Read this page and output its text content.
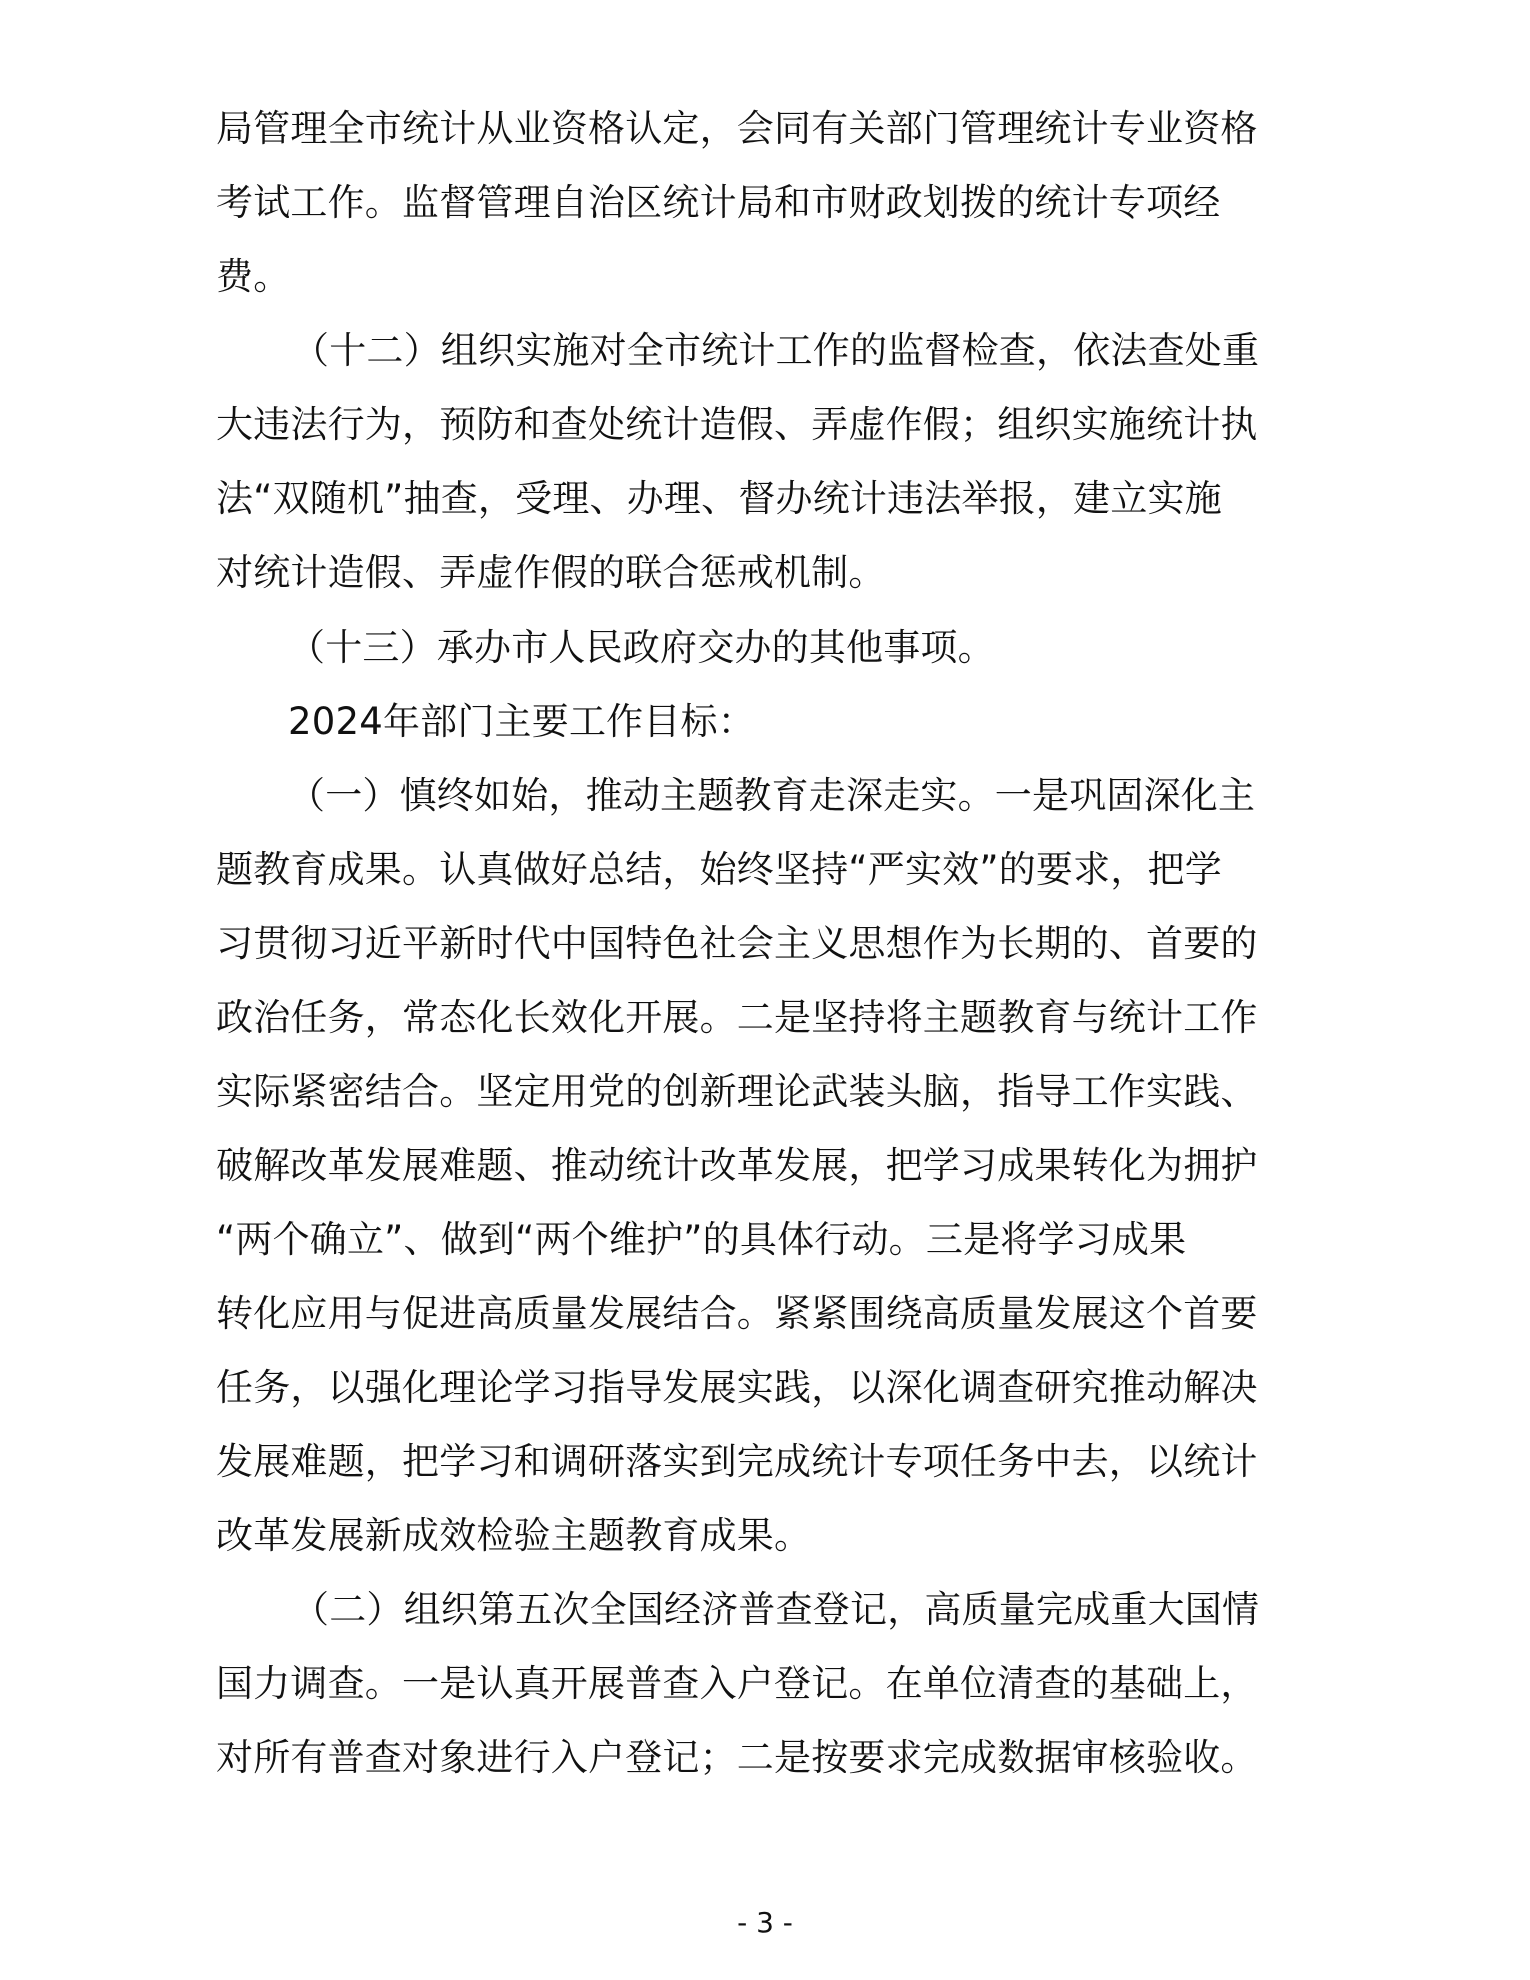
局管理全市统计从业资格认定，会同有关部门管理统计专业资格
考试工作。监督管理自治区统计局和市财政划拨的统计专项经
费。
（十二）组织实施对全市统计工作的监督检查，依法查处重
大违法行为，预防和查处统计造假、弄虚作假；组织实施统计执
法“双随机”抽查，受理、办理、督办统计违法举报，建立实施
对统计造假、弄虚作假的联合惩戒机制。
（十三）承办市人民政府交办的其他事项。
2024年部门主要工作目标：
（一）慎终如始，推动主题教育走深走实。一是巩固深化主
题教育成果。认真做好总结，始终坚持“严实效”的要求，把学
习贯彻习近平新时代中国特色社会主义思想作为长期的、首要的
政治任务，常态化长效化开展。二是坚持将主题教育与统计工作
实际紧密结合。坚定用党的创新理论武装头脑，指导工作实践、
破解改革发展难题、推动统计改革发展，把学习成果转化为拥护
“两个确立”、做到“两个维护”的具体行动。三是将学习成果
转化应用与促进高质量发展结合。紧紧围绕高质量发展这个首要
任务，以强化理论学习指导发展实践，以深化调查研究推动解决
发展难题，把学习和调研落实到完成统计专项任务中去，以统计
改革发展新成效检验主题教育成果。
（二）组织第五次全国经济普查登记，高质量完成重大国情
国力调查。一是认真开展普查入户登记。在单位清查的基础上，
对所有普查对象进行入户登记；二是按要求完成数据审核验收。
- 3 -
